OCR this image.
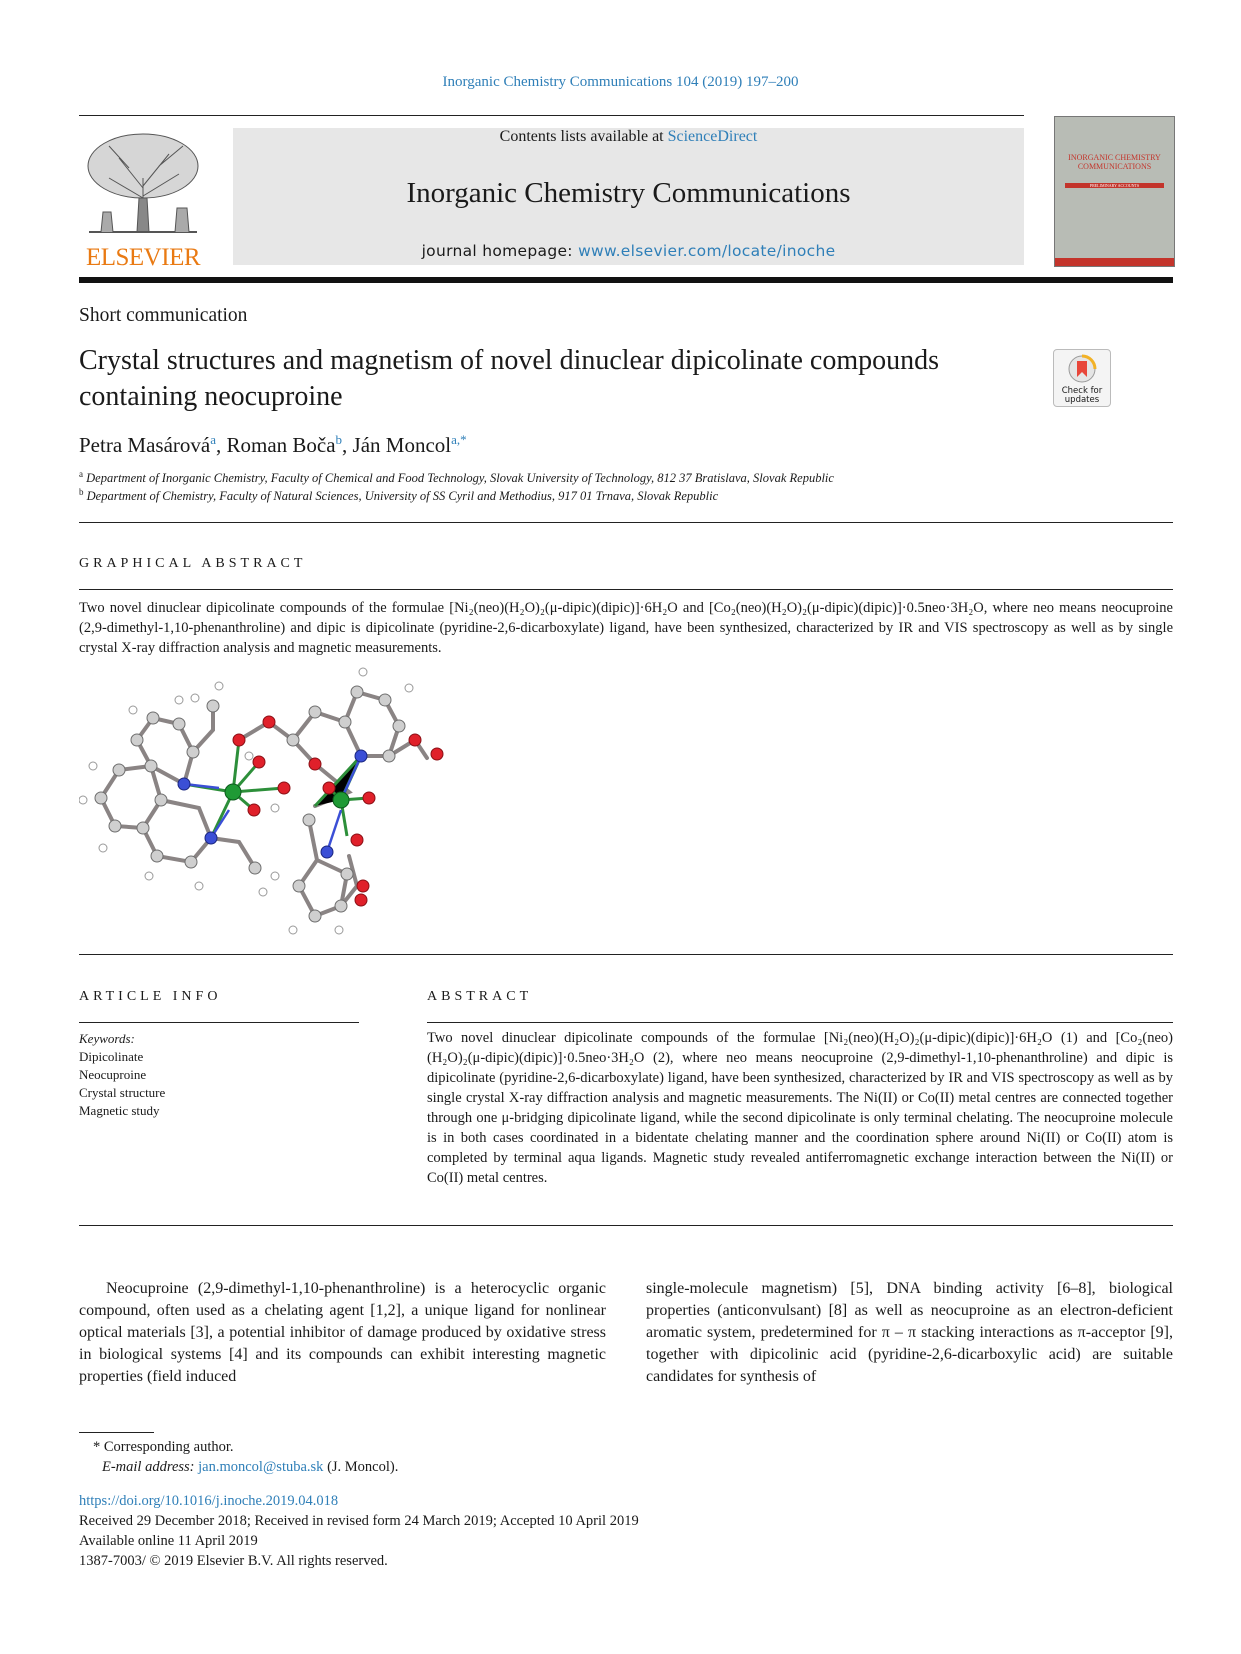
Inorganic Chemistry Communications 104 (2019) 197–200
ELSEVIER
Contents lists available at ScienceDirect
Inorganic Chemistry Communications
journal homepage: www.elsevier.com/locate/inoche
INORGANIC CHEMISTRY COMMUNICATIONS
PRELIMINARY ACCOUNTS
Short communication
Crystal structures and magnetism of novel dinuclear dipicolinate compounds containing neocuproine	Check for updates
Petra Masárová$^a$, Roman Boča$^b$, Ján Moncol$^{a,*}$
$^a$ Department of Inorganic Chemistry, Faculty of Chemical and Food Technology, Slovak University of Technology, 812 37 Bratislava, Slovak Republic
$^b$ Department of Chemistry, Faculty of Natural Sciences, University of SS Cyril and Methodius, 917 01 Trnava, Slovak Republic
GRAPHICAL ABSTRACT
Two novel dinuclear dipicolinate compounds of the formulae [Ni₂(neo)(H₂O)₂(μ-dipic)(dipic)]·6H₂O and [Co₂(neo)(H₂O)₂(μ-dipic)(dipic)]·0.5neo·3H₂O, where neo means neocuproine (2,9-dimethyl-1,10-phenanthroline) and dipic is dipicolinate (pyridine-2,6-dicarboxylate) ligand, have been synthesized, characterized by IR and VIS spectroscopy as well as by single crystal X-ray diffraction analysis and magnetic measurements.
ARTICLE INFO
Keywords:
Dipicolinate
Neocuproine
Crystal structure
Magnetic study
ABSTRACT
Two novel dinuclear dipicolinate compounds of the formulae [Ni₂(neo)(H₂O)₂(μ-dipic)(dipic)]·6H₂O (1) and [Co₂(neo)(H₂O)₂(μ-dipic)(dipic)]·0.5neo·3H₂O (2), where neo means neocuproine (2,9-dimethyl-1,10-phenanthroline) and dipic is dipicolinate (pyridine-2,6-dicarboxylate) ligand, have been synthesized, characterized by IR and VIS spectroscopy as well as by single crystal X-ray diffraction analysis and magnetic measurements. The Ni(II) or Co(II) metal centres are connected together through one μ-bridging dipicolinate ligand, while the second dipicolinate is only terminal chelating. The neocuproine molecule is in both cases coordinated in a bidentate chelating manner and the coordination sphere around Ni(II) or Co(II) atom is completed by terminal aqua ligands. Magnetic study revealed antiferromagnetic exchange interaction between the Ni(II) or Co(II) metal centres.
Neocuproine (2,9-dimethyl-1,10-phenanthroline) is a heterocyclic organic compound, often used as a chelating agent [1,2], a unique ligand for nonlinear optical materials [3], a potential inhibitor of damage produced by oxidative stress in biological systems [4] and its compounds can exhibit interesting magnetic properties (field induced
single-molecule magnetism) [5], DNA binding activity [6–8], biological properties (anticonvulsant) [8] as well as neocuproine as an electron-deficient aromatic system, predetermined for π – π stacking interactions as π-acceptor [9], together with dipicolinic acid (pyridine-2,6-dicarboxylic acid) are suitable candidates for synthesis of
* Corresponding author.
E-mail address: jan.moncol@stuba.sk (J. Moncol).
https://doi.org/10.1016/j.inoche.2019.04.018
Received 29 December 2018; Received in revised form 24 March 2019; Accepted 10 April 2019
Available online 11 April 2019
1387-7003/ © 2019 Elsevier B.V. All rights reserved.
